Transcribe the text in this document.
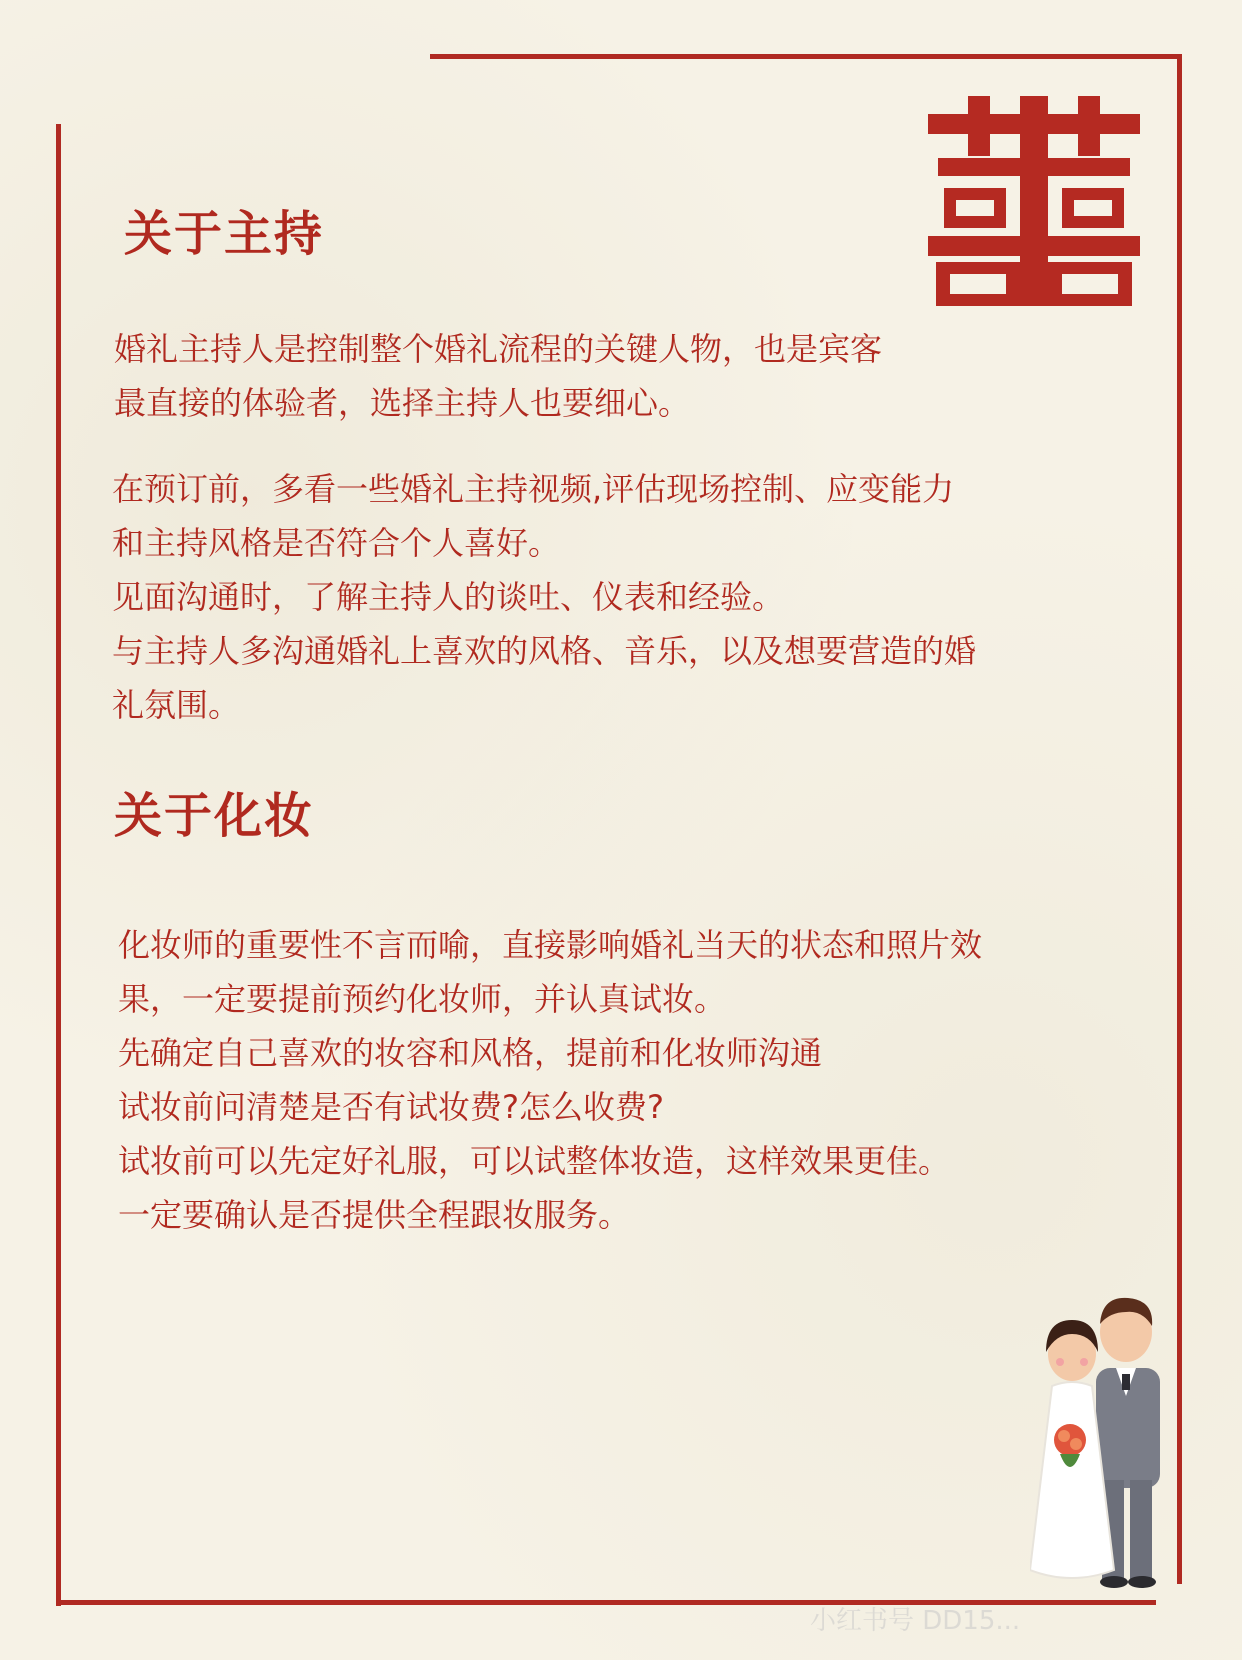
关于主持

婚礼主持人是控制整个婚礼流程的关键人物，也是宾客

最直接的体验者，选择主持人也要细心。

在预订前，多看一些婚礼主持视频,评估现场控制、应变能力

和主持风格是否符合个人喜好。

见面沟通时，了解主持人的谈吐、仪表和经验。

与主持人多沟通婚礼上喜欢的风格、音乐，以及想要营造的婚

礼氛围。

关于化妆

化妆师的重要性不言而喻，直接影响婚礼当天的状态和照片效

果，一定要提前预约化妆师，并认真试妆。

先确定自己喜欢的妆容和风格，提前和化妆师沟通

试妆前问清楚是否有试妆费?怎么收费?

试妆前可以先定好礼服，可以试整体妆造，这样效果更佳。

一定要确认是否提供全程跟妆服务。

小红书号 DD15...
